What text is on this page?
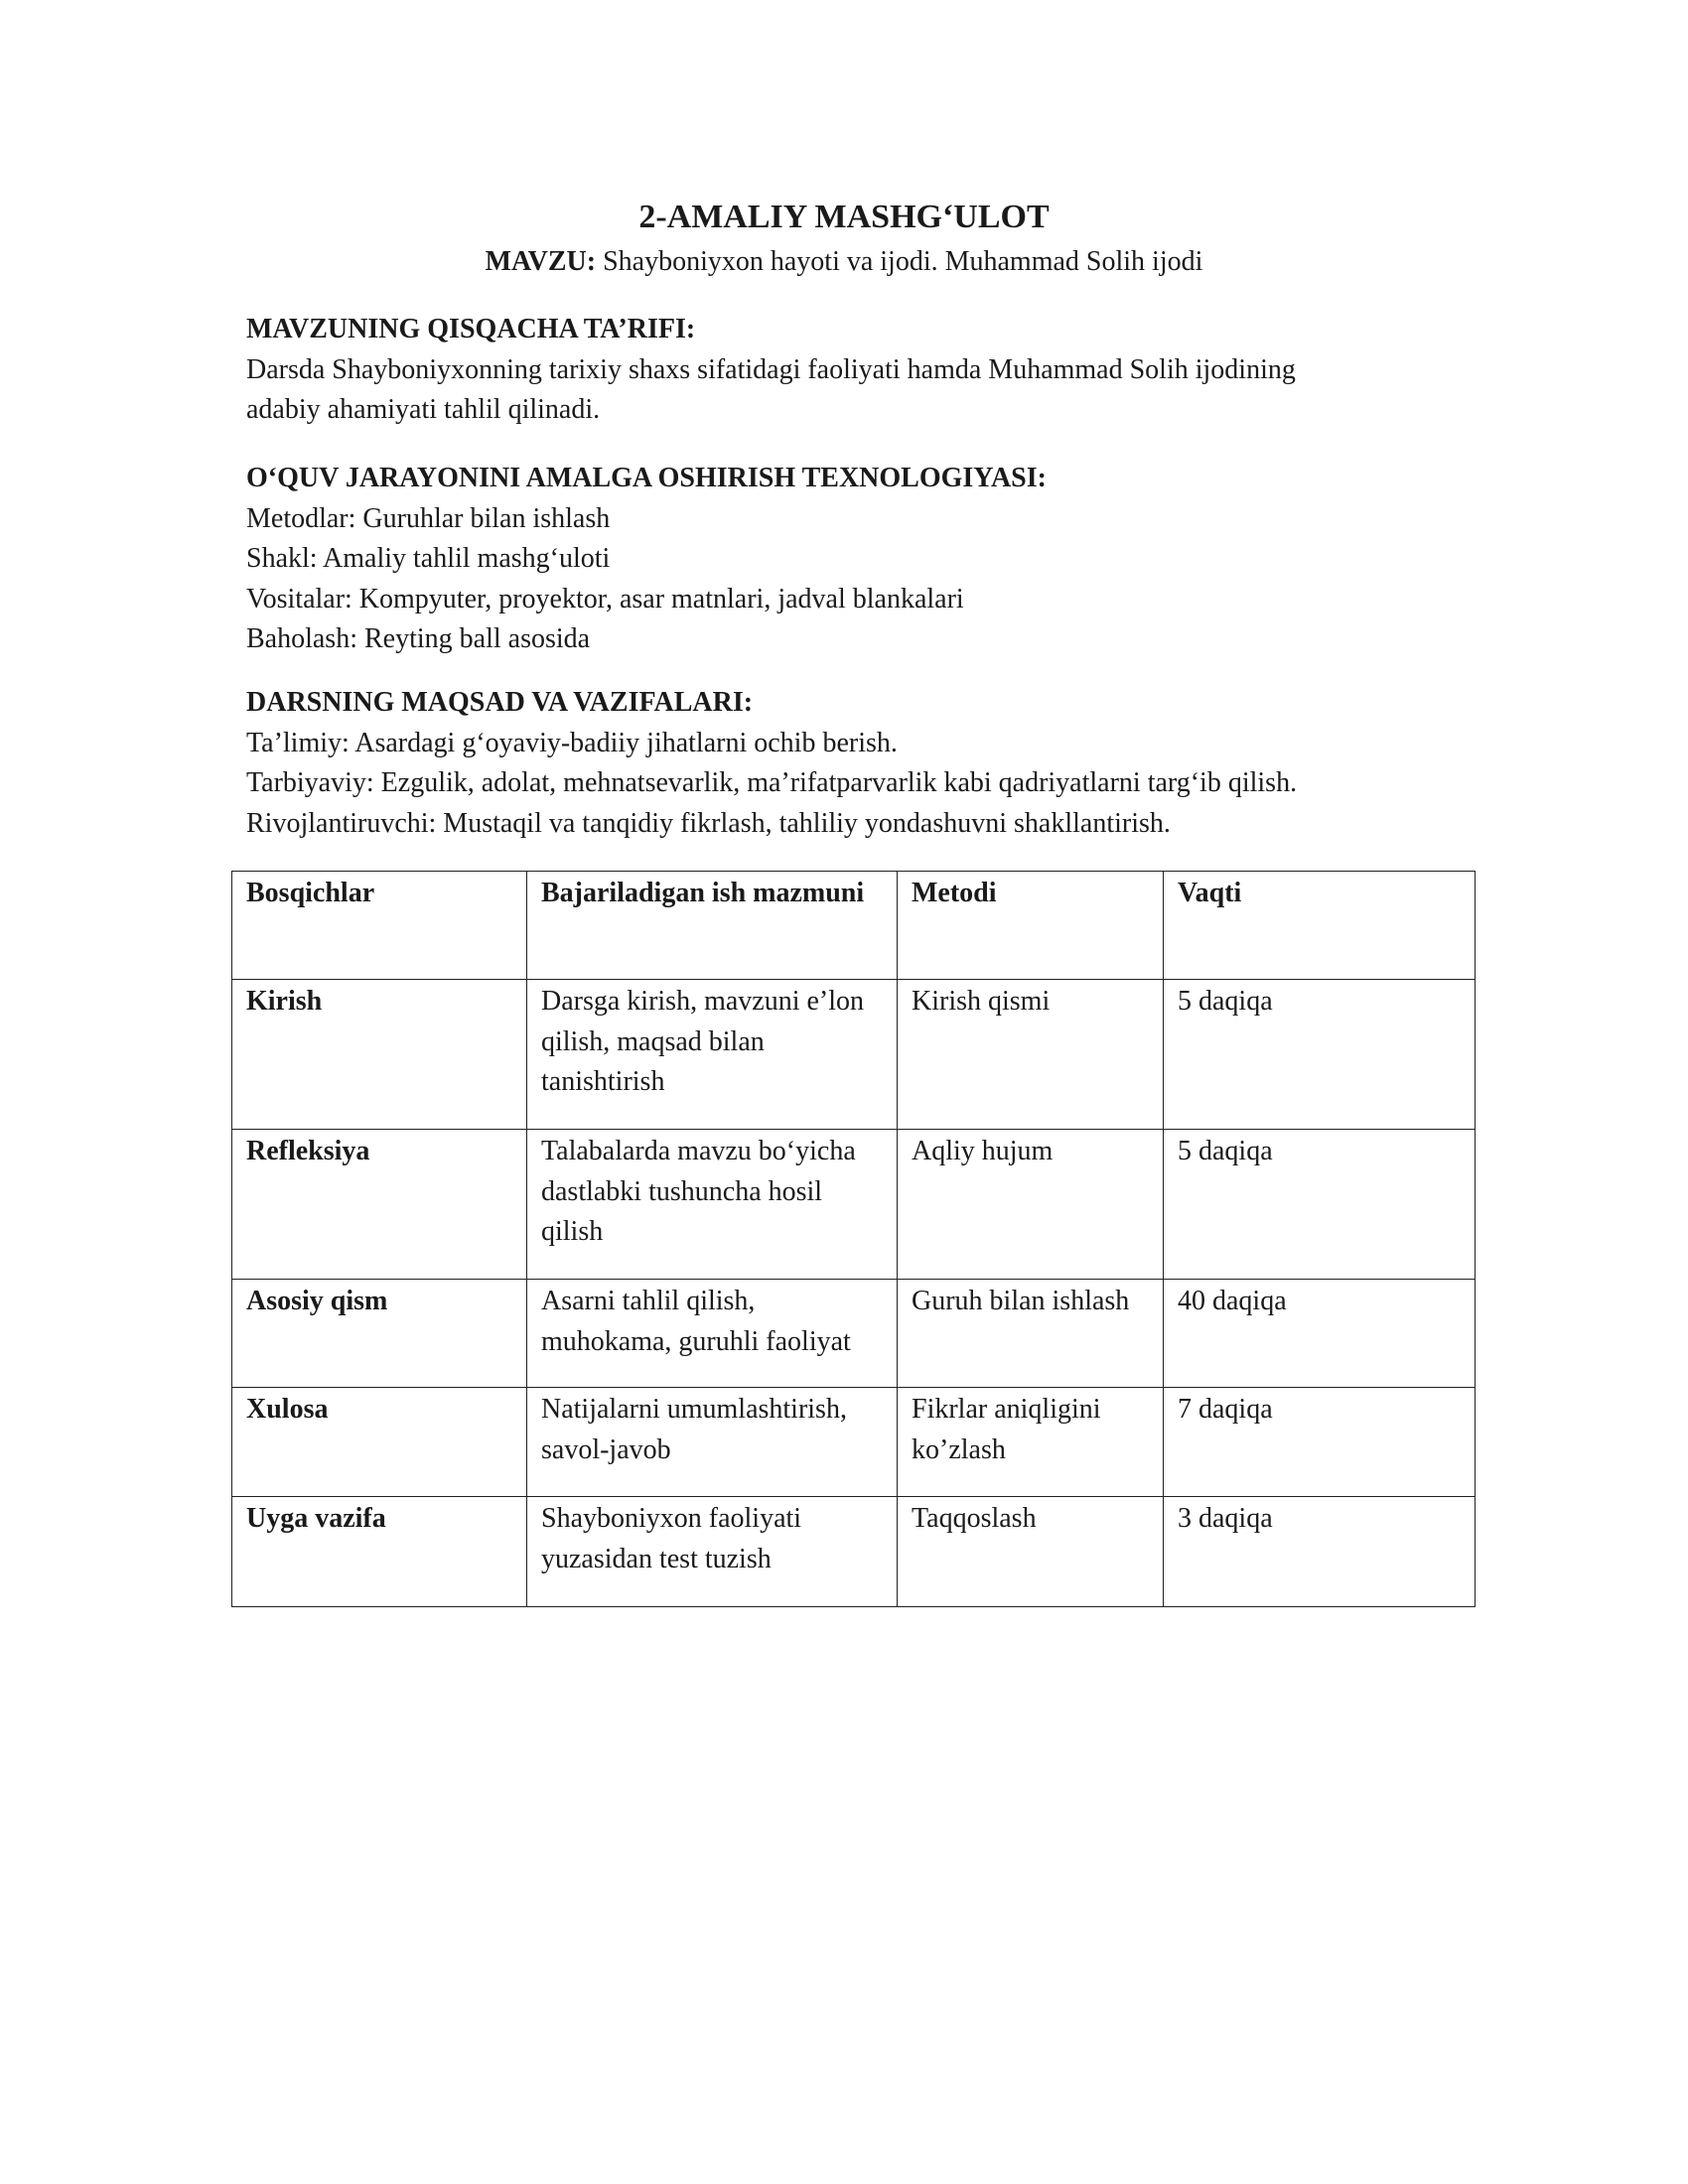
2-AMALIY MASHG‘ULOT
MAVZU: Shayboniyxon hayoti va ijodi. Muhammad Solih ijodi
MAVZUNING QISQACHA TA’RIFI:
Darsda Shayboniyxonning tarixiy shaxs sifatidagi faoliyati hamda Muhammad Solih ijodining
adabiy ahamiyati tahlil qilinadi.
O‘QUV JARAYONINI AMALGA OSHIRISH TEXNOLOGIYASI:
Metodlar: Guruhlar bilan ishlash
Shakl: Amaliy tahlil mashg‘uloti
Vositalar: Kompyuter, proyektor, asar matnlari, jadval blankalari
Baholash: Reyting ball asosida
DARSNING MAQSAD VA VAZIFALARI:
Ta’limiy: Asardagi g‘oyaviy-badiiy jihatlarni ochib berish.
Tarbiyaviy: Ezgulik, adolat, mehnatsevarlik, ma’rifatparvarlik kabi qadriyatlarni targ‘ib qilish.
Rivojlantiruvchi: Mustaqil va tanqidiy fikrlash, tahliliy yondashuvni shakllantirish.
Bosqichlar	Bajariladigan ish mazmuni	Metodi	Vaqti
Kirish	Darsga kirish, mavzuni e’lon qilish, maqsad bilan tanishtirish	Kirish qismi	5 daqiqa
Refleksiya	Talabalarda mavzu bo‘yicha dastlabki tushuncha hosil qilish	Aqliy hujum	5 daqiqa
Asosiy qism	Asarni tahlil qilish, muhokama, guruhli faoliyat	Guruh bilan ishlash	40 daqiqa
Xulosa	Natijalarni umumlashtirish, savol-javob	Fikrlar aniqligini ko’zlash	7 daqiqa
Uyga vazifa	Shayboniyxon faoliyati yuzasidan test tuzish	Taqqoslash	3 daqiqa
